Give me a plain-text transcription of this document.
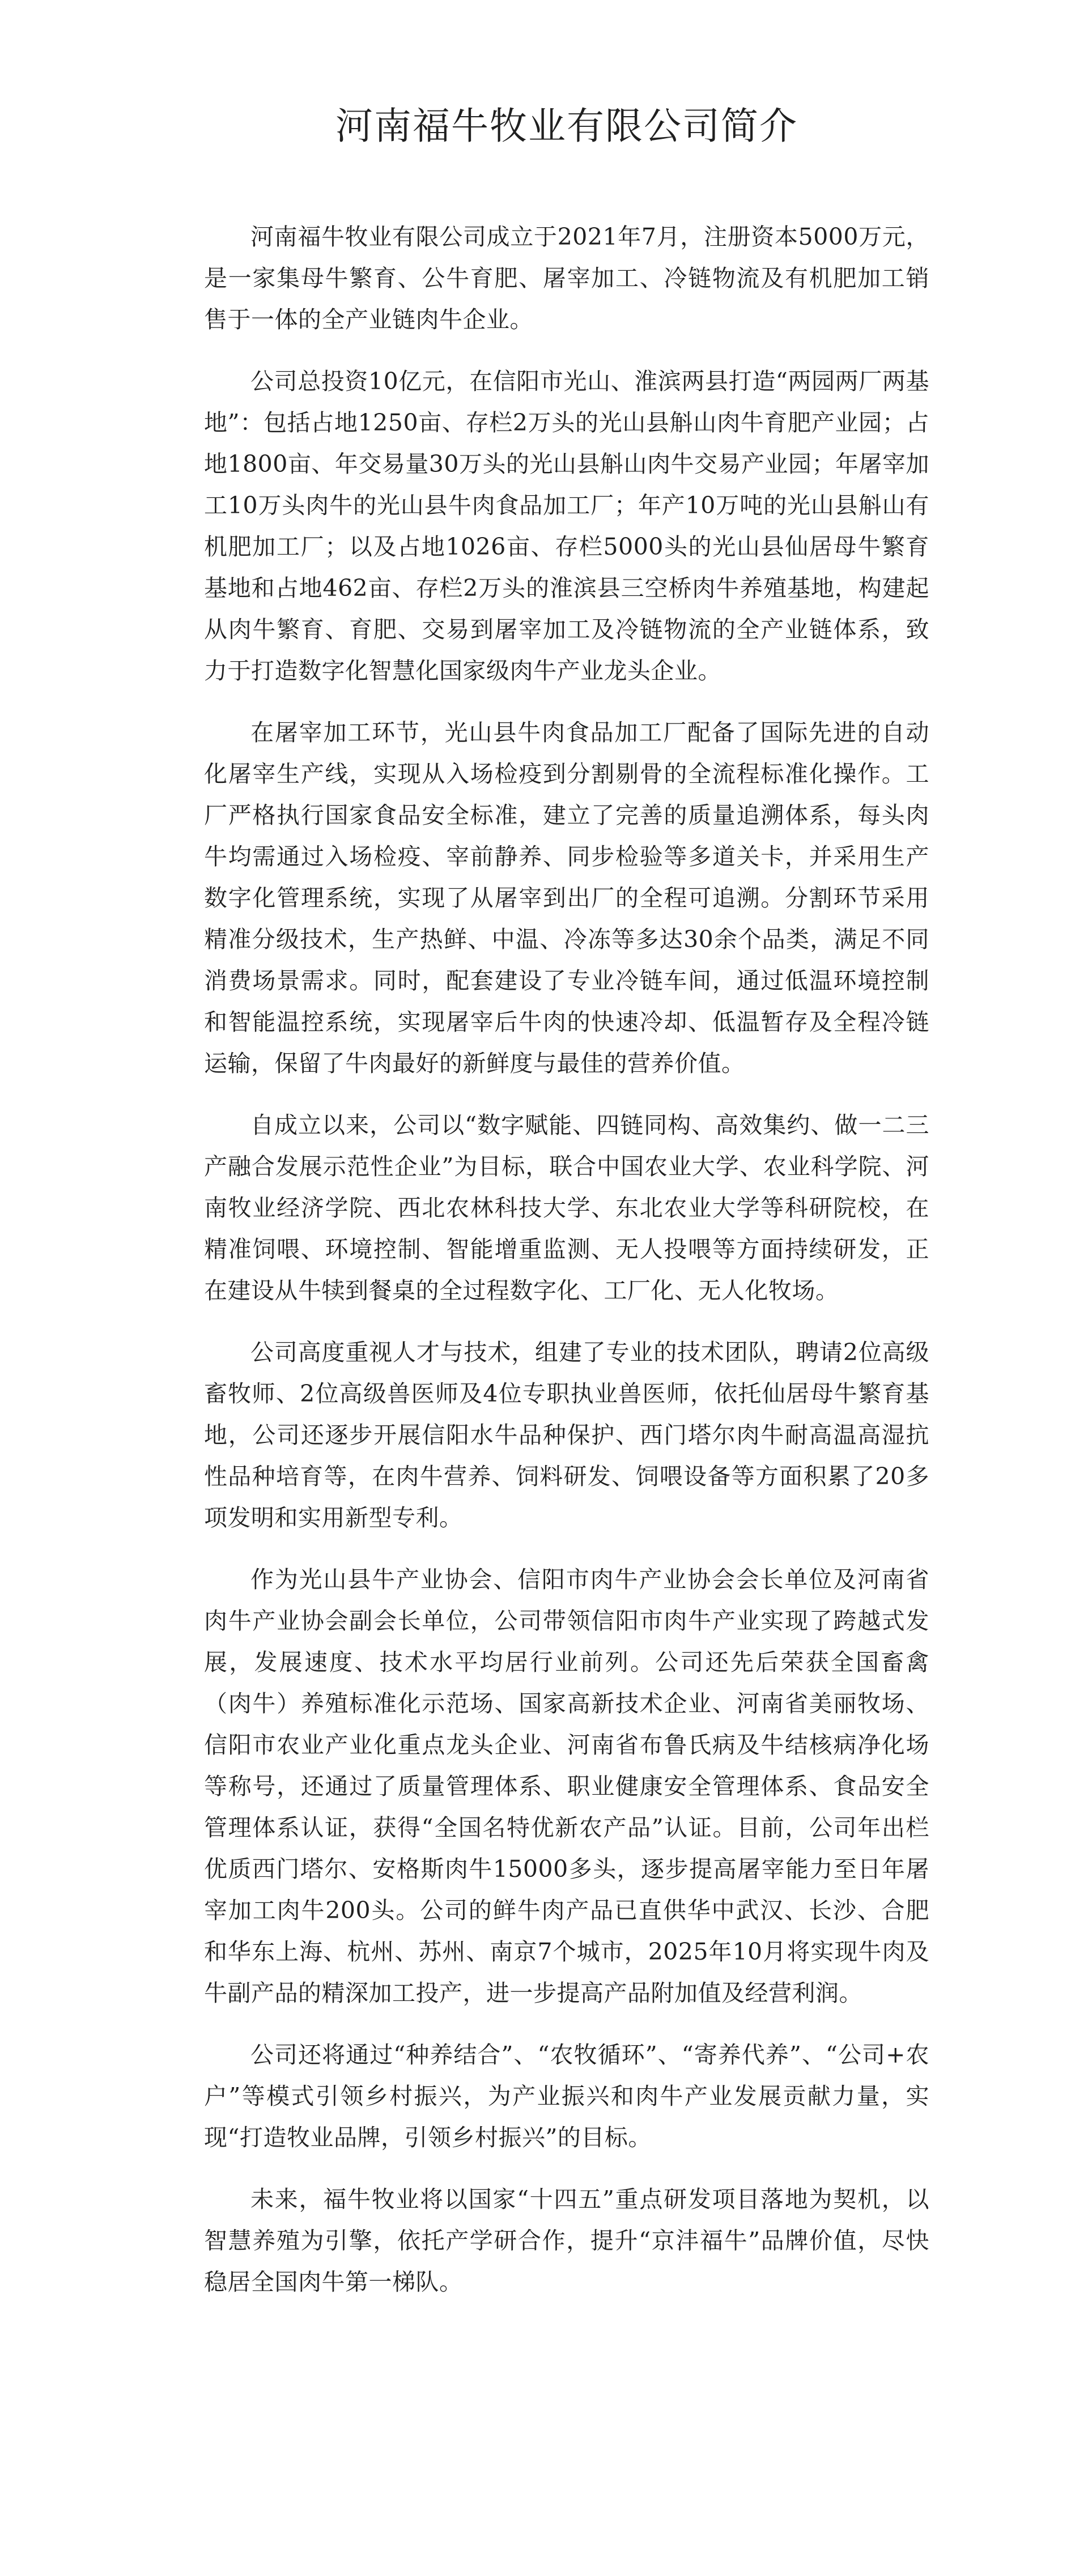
河南福牛牧业有限公司简介

河南福牛牧业有限公司成立于2021年7月，注册资本5000万元，是一家集母牛繁育、公牛育肥、屠宰加工、冷链物流及有机肥加工销售于一体的全产业链肉牛企业。

公司总投资10亿元，在信阳市光山、淮滨两县打造“两园两厂两基地”：包括占地1250亩、存栏2万头的光山县斛山肉牛育肥产业园；占地1800亩、年交易量30万头的光山县斛山肉牛交易产业园；年屠宰加工10万头肉牛的光山县牛肉食品加工厂；年产10万吨的光山县斛山有机肥加工厂；以及占地1026亩、存栏5000头的光山县仙居母牛繁育基地和占地462亩、存栏2万头的淮滨县三空桥肉牛养殖基地，构建起从肉牛繁育、育肥、交易到屠宰加工及冷链物流的全产业链体系，致力于打造数字化智慧化国家级肉牛产业龙头企业。

在屠宰加工环节，光山县牛肉食品加工厂配备了国际先进的自动化屠宰生产线，实现从入场检疫到分割剔骨的全流程标准化操作。工厂严格执行国家食品安全标准，建立了完善的质量追溯体系，每头肉牛均需通过入场检疫、宰前静养、同步检验等多道关卡，并采用生产数字化管理系统，实现了从屠宰到出厂的全程可追溯。分割环节采用精准分级技术，生产热鲜、中温、冷冻等多达30余个品类，满足不同消费场景需求。同时，配套建设了专业冷链车间，通过低温环境控制和智能温控系统，实现屠宰后牛肉的快速冷却、低温暂存及全程冷链运输，保留了牛肉最好的新鲜度与最佳的营养价值。

自成立以来，公司以“数字赋能、四链同构、高效集约、做一二三产融合发展示范性企业”为目标，联合中国农业大学、农业科学院、河南牧业经济学院、西北农林科技大学、东北农业大学等科研院校，在精准饲喂、环境控制、智能增重监测、无人投喂等方面持续研发，正在建设从牛犊到餐桌的全过程数字化、工厂化、无人化牧场。

公司高度重视人才与技术，组建了专业的技术团队，聘请2位高级畜牧师、2位高级兽医师及4位专职执业兽医师，依托仙居母牛繁育基地，公司还逐步开展信阳水牛品种保护、西门塔尔肉牛耐高温高湿抗性品种培育等，在肉牛营养、饲料研发、饲喂设备等方面积累了20多项发明和实用新型专利。

作为光山县牛产业协会、信阳市肉牛产业协会会长单位及河南省肉牛产业协会副会长单位，公司带领信阳市肉牛产业实现了跨越式发展，发展速度、技术水平均居行业前列。公司还先后荣获全国畜禽（肉牛）养殖标准化示范场、国家高新技术企业、河南省美丽牧场、信阳市农业产业化重点龙头企业、河南省布鲁氏病及牛结核病净化场等称号，还通过了质量管理体系、职业健康安全管理体系、食品安全管理体系认证，获得“全国名特优新农产品”认证。目前，公司年出栏优质西门塔尔、安格斯肉牛15000多头，逐步提高屠宰能力至日年屠宰加工肉牛200头。公司的鲜牛肉产品已直供华中武汉、长沙、合肥和华东上海、杭州、苏州、南京7个城市，2025年10月将实现牛肉及牛副产品的精深加工投产，进一步提高产品附加值及经营利润。

公司还将通过“种养结合”、“农牧循环”、“寄养代养”、“公司+农户”等模式引领乡村振兴，为产业振兴和肉牛产业发展贡献力量，实现“打造牧业品牌，引领乡村振兴”的目标。

未来，福牛牧业将以国家“十四五”重点研发项目落地为契机，以智慧养殖为引擎，依托产学研合作，提升“京沣福牛”品牌价值，尽快稳居全国肉牛第一梯队。
